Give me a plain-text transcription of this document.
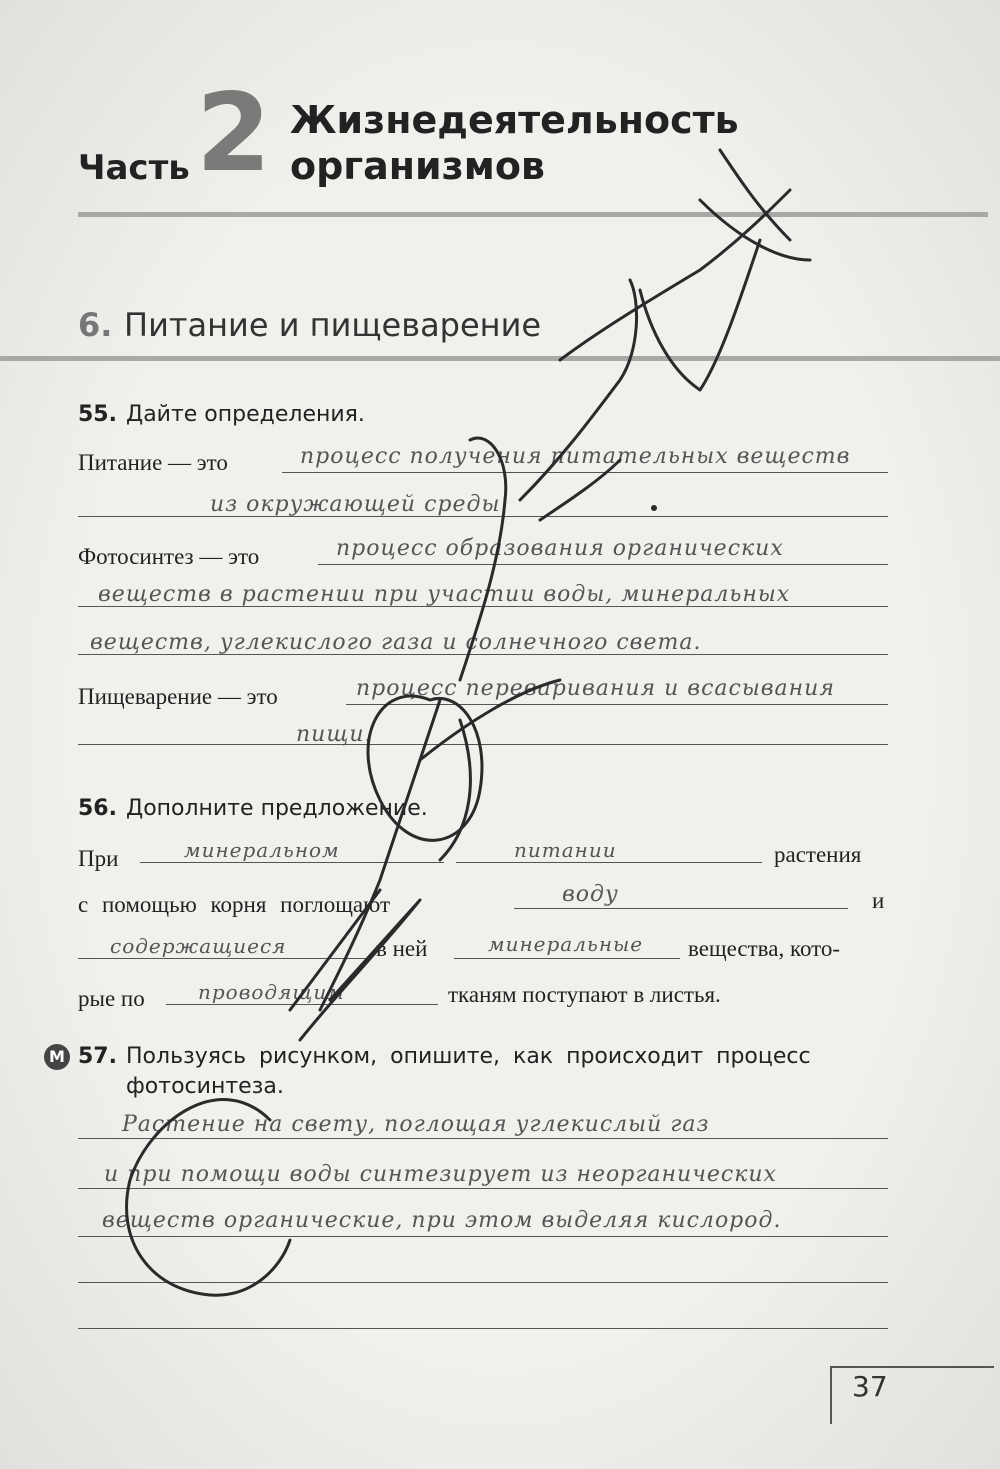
Часть 2 Жизнедеятельность
организмов
6. Питание и пищеварение
55. Дайте определения.
Питание — это	процесс получения питательных веществ
из окружающей среды.
Фотосинтез — это	процесс образования органических
веществ в растении при участии воды, минеральных
веществ, углекислого газа и солнечного света.
Пищеварение — это	процесс переваривания и всасывания
пищи.
56. Дополните предложение.
При	минеральном	питании	растения
с помощью корня поглощают	воду	и
содержащиеся	в ней	минеральные вещества, кото-
рые по	проводящим	тканям поступают в листья.
М 57. Пользуясь рисунком, опишите, как происходит процесс
фотосинтеза.
Растение на свету, поглощая углекислый газ
и при помощи воды синтезирует из неорганических
веществ органические, при этом выделяя кислород.
37
